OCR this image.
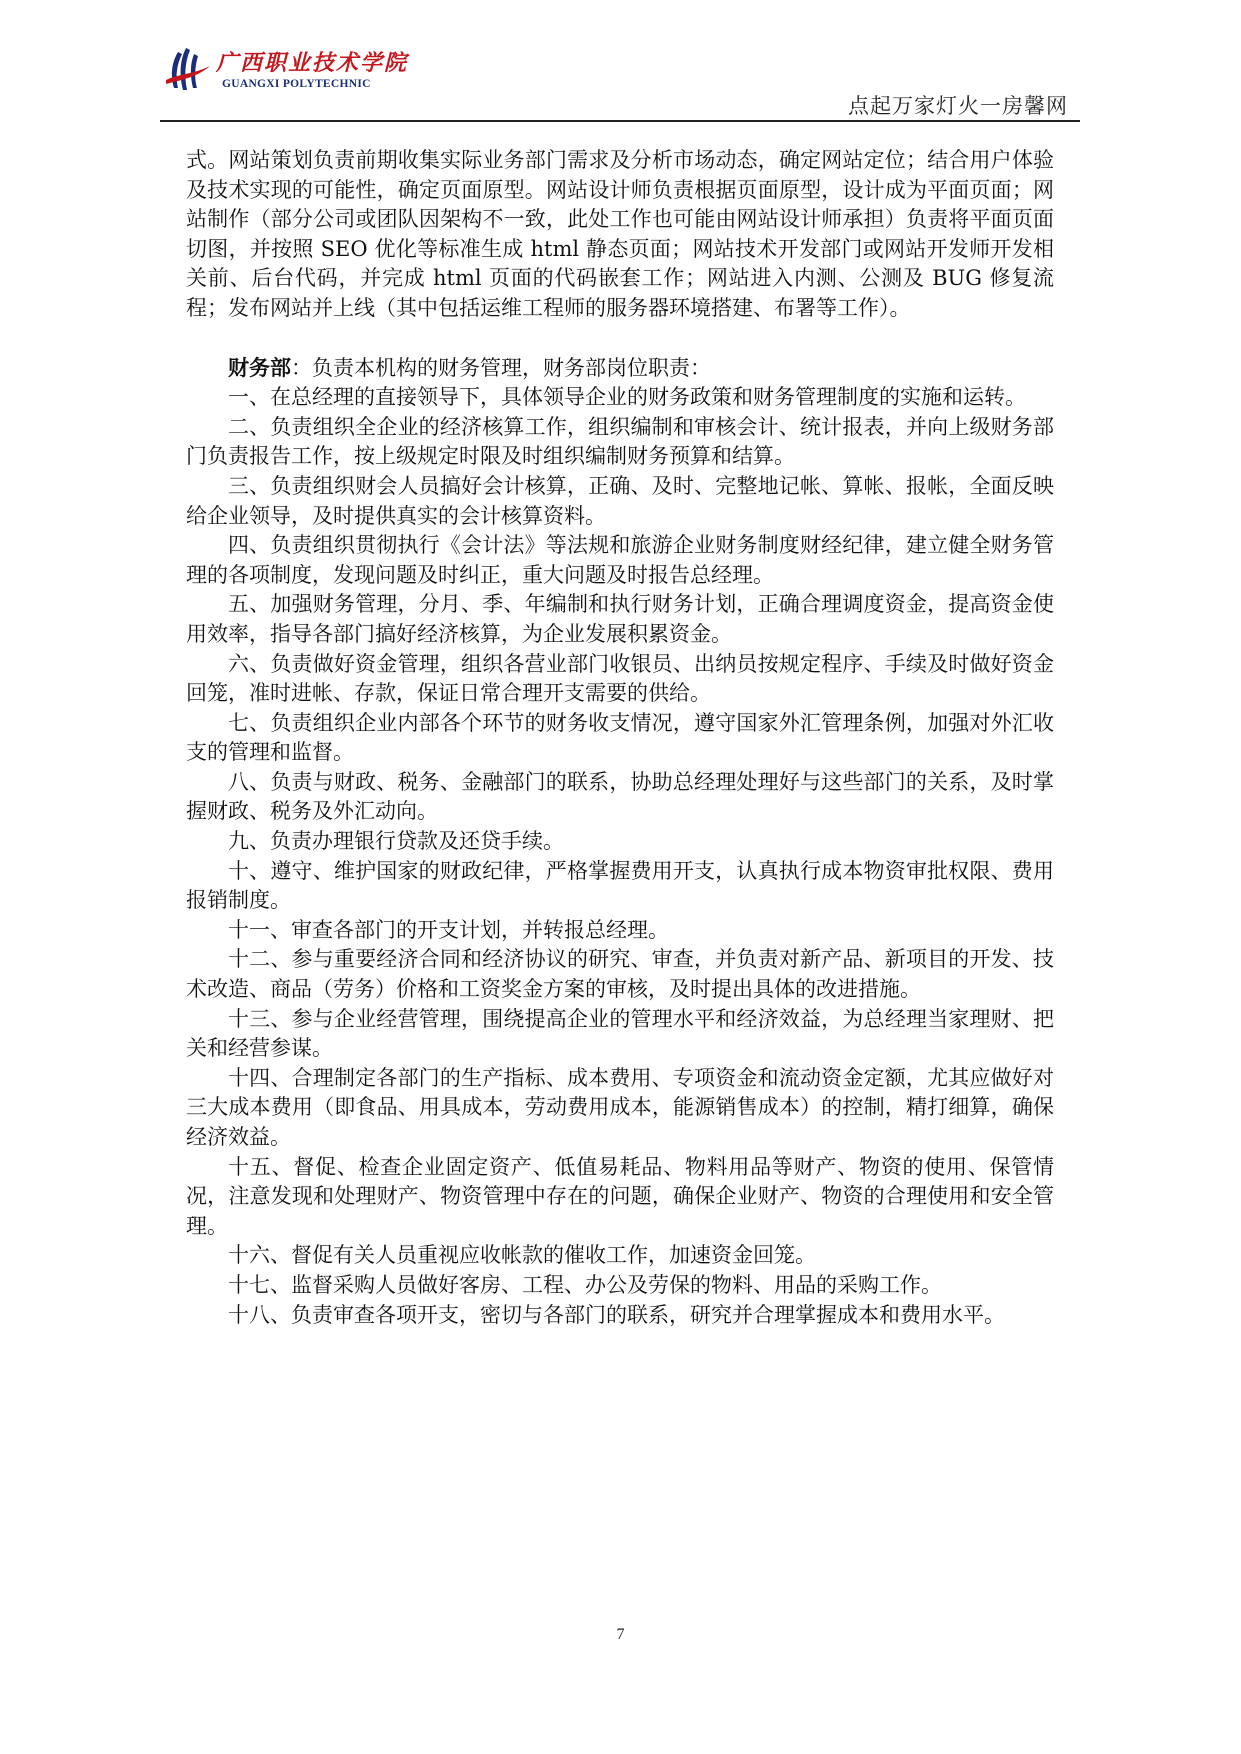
广西职业技术学院
GUANGXI POLYTECHNIC
点起万家灯火一房馨网

式。网站策划负责前期收集实际业务部门需求及分析市场动态，确定网站定位；结合用户体验及技术实现的可能性，确定页面原型。网站设计师负责根据页面原型，设计成为平面页面；网站制作（部分公司或团队因架构不一致，此处工作也可能由网站设计师承担）负责将平面页面切图，并按照 SEO 优化等标准生成 html 静态页面；网站技术开发部门或网站开发师开发相关前、后台代码，并完成 html 页面的代码嵌套工作；网站进入内测、公测及 BUG 修复流程；发布网站并上线（其中包括运维工程师的服务器环境搭建、布署等工作）。

财务部：负责本机构的财务管理，财务部岗位职责：

一、在总经理的直接领导下，具体领导企业的财务政策和财务管理制度的实施和运转。

二、负责组织全企业的经济核算工作，组织编制和审核会计、统计报表，并向上级财务部门负责报告工作，按上级规定时限及时组织编制财务预算和结算。

三、负责组织财会人员搞好会计核算，正确、及时、完整地记帐、算帐、报帐，全面反映给企业领导，及时提供真实的会计核算资料。

四、负责组织贯彻执行《会计法》等法规和旅游企业财务制度财经纪律，建立健全财务管理的各项制度，发现问题及时纠正，重大问题及时报告总经理。

五、加强财务管理，分月、季、年编制和执行财务计划，正确合理调度资金，提高资金使用效率，指导各部门搞好经济核算，为企业发展积累资金。

六、负责做好资金管理，组织各营业部门收银员、出纳员按规定程序、手续及时做好资金回笼，准时进帐、存款，保证日常合理开支需要的供给。

七、负责组织企业内部各个环节的财务收支情况，遵守国家外汇管理条例，加强对外汇收支的管理和监督。

八、负责与财政、税务、金融部门的联系，协助总经理处理好与这些部门的关系，及时掌握财政、税务及外汇动向。

九、负责办理银行贷款及还贷手续。

十、遵守、维护国家的财政纪律，严格掌握费用开支，认真执行成本物资审批权限、费用报销制度。

十一、审查各部门的开支计划，并转报总经理。

十二、参与重要经济合同和经济协议的研究、审查，并负责对新产品、新项目的开发、技术改造、商品（劳务）价格和工资奖金方案的审核，及时提出具体的改进措施。

十三、参与企业经营管理，围绕提高企业的管理水平和经济效益，为总经理当家理财、把关和经营参谋。

十四、合理制定各部门的生产指标、成本费用、专项资金和流动资金定额，尤其应做好对三大成本费用（即食品、用具成本，劳动费用成本，能源销售成本）的控制，精打细算，确保经济效益。

十五、督促、检查企业固定资产、低值易耗品、物料用品等财产、物资的使用、保管情况，注意发现和处理财产、物资管理中存在的问题，确保企业财产、物资的合理使用和安全管理。

十六、督促有关人员重视应收帐款的催收工作，加速资金回笼。

十七、监督采购人员做好客房、工程、办公及劳保的物料、用品的采购工作。

十八、负责审查各项开支，密切与各部门的联系，研究并合理掌握成本和费用水平。

7
